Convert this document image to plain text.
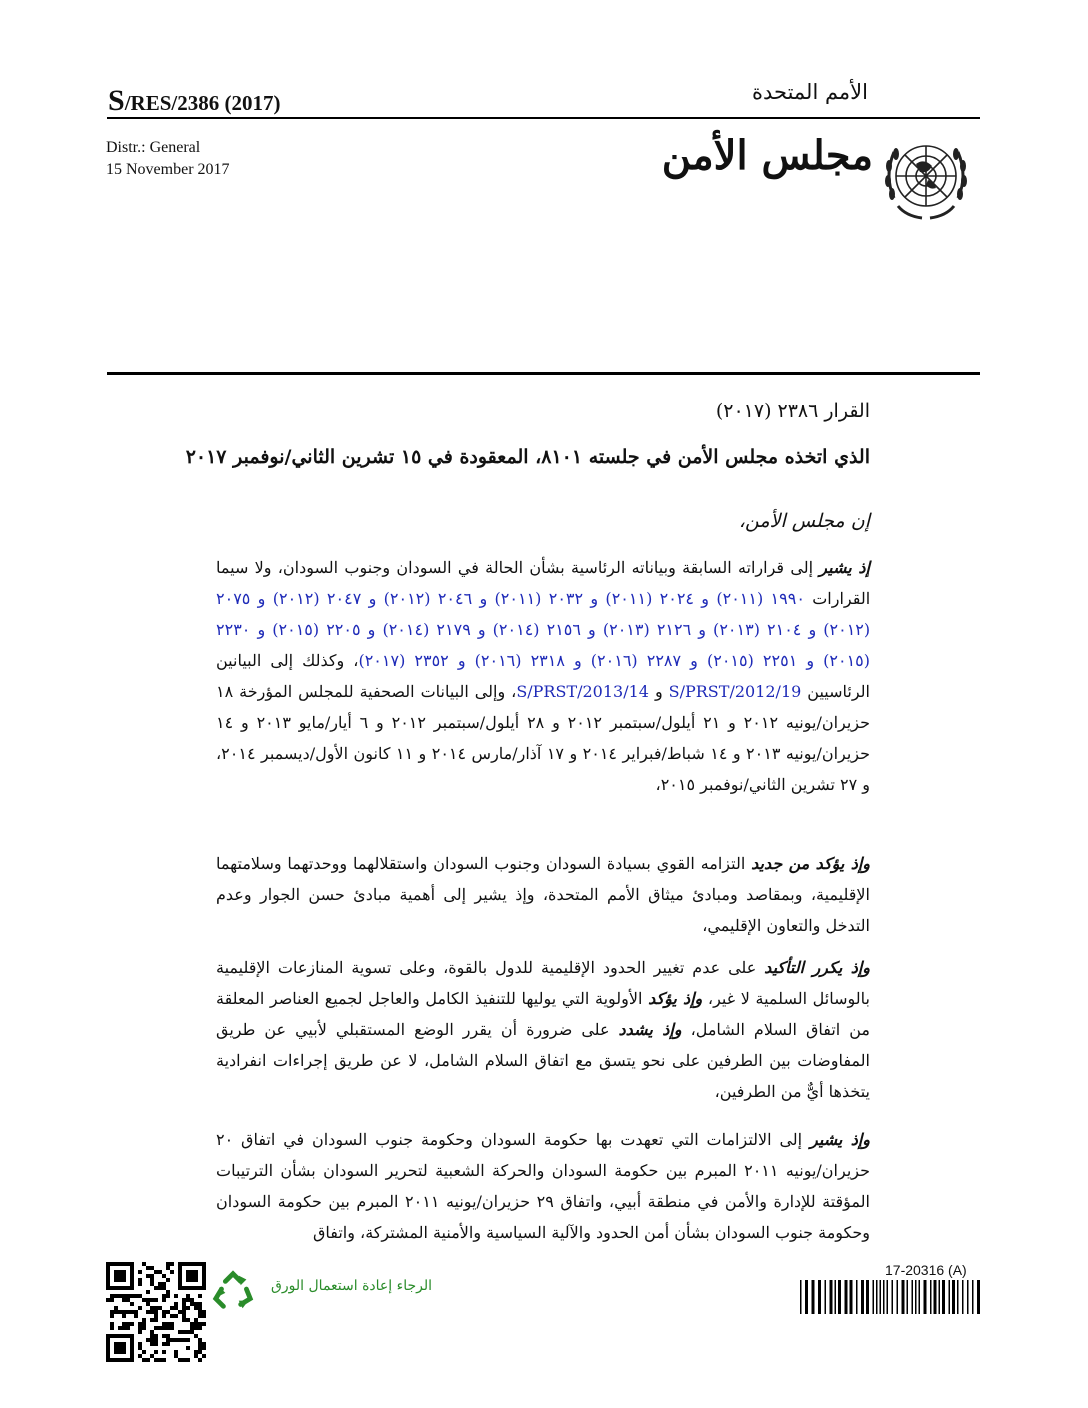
S/RES/2386 (2017)	الأمم المتحدة
Distr.: General
15 November 2017	مجلس الأمن
القرار ٢٣٨٦ (٢٠١٧)
الذي اتخذه مجلس الأمن في جلسته ٨١٠١، المعقودة في ١٥ تشرين الثاني/نوفمبر ٢٠١٧
إن مجلس الأمن،
إذ يشير إلى قراراته السابقة وبياناته الرئاسية بشأن الحالة في السودان وجنوب السودان، ولا سيما القرارات ١٩٩٠ (٢٠١١) و ٢٠٢٤ (٢٠١١) و ٢٠٣٢ (٢٠١١) و ٢٠٤٦ (٢٠١٢) و ٢٠٤٧ (٢٠١٢) و ٢٠٧٥ (٢٠١٢) و ٢١٠٤ (٢٠١٣) و ٢١٢٦ (٢٠١٣) و ٢١٥٦ (٢٠١٤) و ٢١٧٩ (٢٠١٤) و ٢٢٠٥ (٢٠١٥) و ٢٢٣٠ (٢٠١٥) و ٢٢٥١ (٢٠١٥) و ٢٢٨٧ (٢٠١٦) و ٢٣١٨ (٢٠١٦) و ٢٣٥٢ (٢٠١٧)، وكذلك إلى البيانين الرئاسيين S/PRST/2012/19 و S/PRST/2013/14، وإلى البيانات الصحفية للمجلس المؤرخة ١٨ حزيران/يونيه ٢٠١٢ و ٢١ أيلول/سبتمبر ٢٠١٢ و ٢٨ أيلول/سبتمبر ٢٠١٢ و ٦ أيار/مايو ٢٠١٣ و ١٤ حزيران/يونيه ٢٠١٣ و ١٤ شباط/فبراير ٢٠١٤ و ١٧ آذار/مارس ٢٠١٤ و ١١ كانون الأول/ديسمبر ٢٠١٤، و ٢٧ تشرين الثاني/نوفمبر ٢٠١٥،
وإذ يؤكد من جديد التزامه القوي بسيادة السودان وجنوب السودان واستقلالهما ووحدتهما وسلامتهما الإقليمية، وبمقاصد ومبادئ ميثاق الأمم المتحدة، وإذ يشير إلى أهمية مبادئ حسن الجوار وعدم التدخل والتعاون الإقليمي،
وإذ يكرر التأكيد على عدم تغيير الحدود الإقليمية للدول بالقوة، وعلى تسوية المنازعات الإقليمية بالوسائل السلمية لا غير، وإذ يؤكد الأولوية التي يوليها للتنفيذ الكامل والعاجل لجميع العناصر المعلقة من اتفاق السلام الشامل، وإذ يشدد على ضرورة أن يقرر الوضع المستقبلي لأبيي عن طريق المفاوضات بين الطرفين على نحو يتسق مع اتفاق السلام الشامل، لا عن طريق إجراءات انفرادية يتخذها أيٌّ من الطرفين،
وإذ يشير إلى الالتزامات التي تعهدت بها حكومة السودان وحكومة جنوب السودان في اتفاق ٢٠ حزيران/يونيه ٢٠١١ المبرم بين حكومة السودان والحركة الشعبية لتحرير السودان بشأن الترتيبات المؤقتة للإدارة والأمن في منطقة أبيي، واتفاق ٢٩ حزيران/يونيه ٢٠١١ المبرم بين حكومة السودان وحكومة جنوب السودان بشأن أمن الحدود والآلية السياسية والأمنية المشتركة، واتفاق
الرجاء إعادة استعمال الورق
17-20316 (A)
